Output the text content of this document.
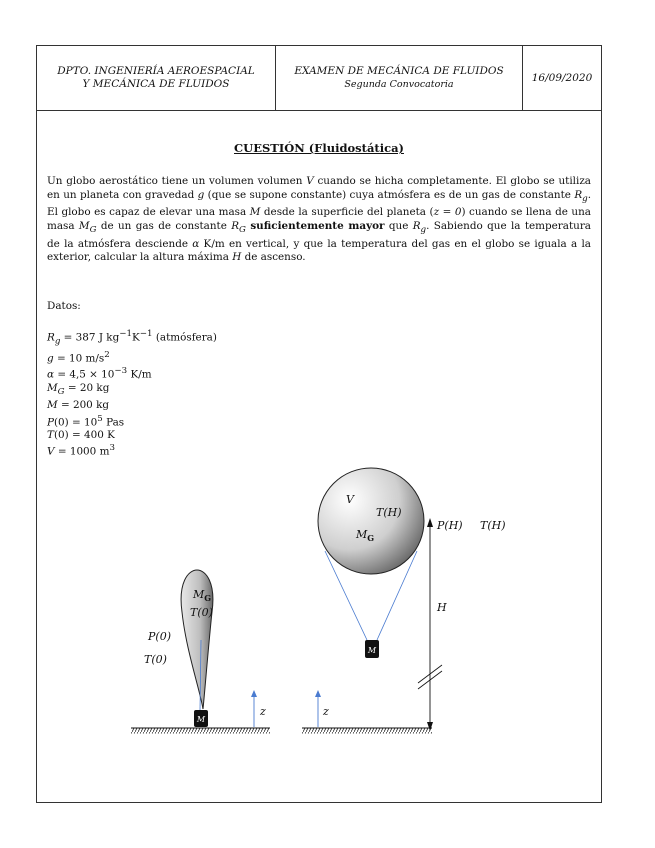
DPTO. INGENIERÍA AEROESPACIAL
Y MECÁNICA DE FLUIDOS
EXAMEN DE MECÁNICA DE FLUIDOS
Segunda Convocatoria
16/09/2020
CUESTIÓN (Fluidostática)
Un globo aerostático tiene un volumen volumen V cuando se hicha completamente. El globo se utiliza en un planeta con gravedad g (que se supone constante) cuya atmósfera es de un gas de constante $R_g$. El globo es capaz de elevar una masa M desde la superficie del planeta (z = 0) cuando se llena de una masa $M_G$ de un gas de constante $R_G$ suficientemente mayor que $R_g$. Sabiendo que la temperatura de la atmósfera desciende α K/m en vertical, y que la temperatura del gas en el globo se iguala a la exterior, calcular la altura máxima H de ascenso.
Datos:
$R_g = 387$ J $kg^{-1}K^{-1}$ (atmósfera)
g = 10 $m/s^2$
$\alpha = 4,5 \times 10^{-3}$ K/m
$M_G = 20$ kg
M = 200 kg
$P(0) = 10^5$ Pas
T(0) = 400 K
V = 1000 $m^3$
M
$M_G$
T(0)
P(0)
T(0)
z
M
V
T(H)
$M_G$
P(H) T(H)
H
z
